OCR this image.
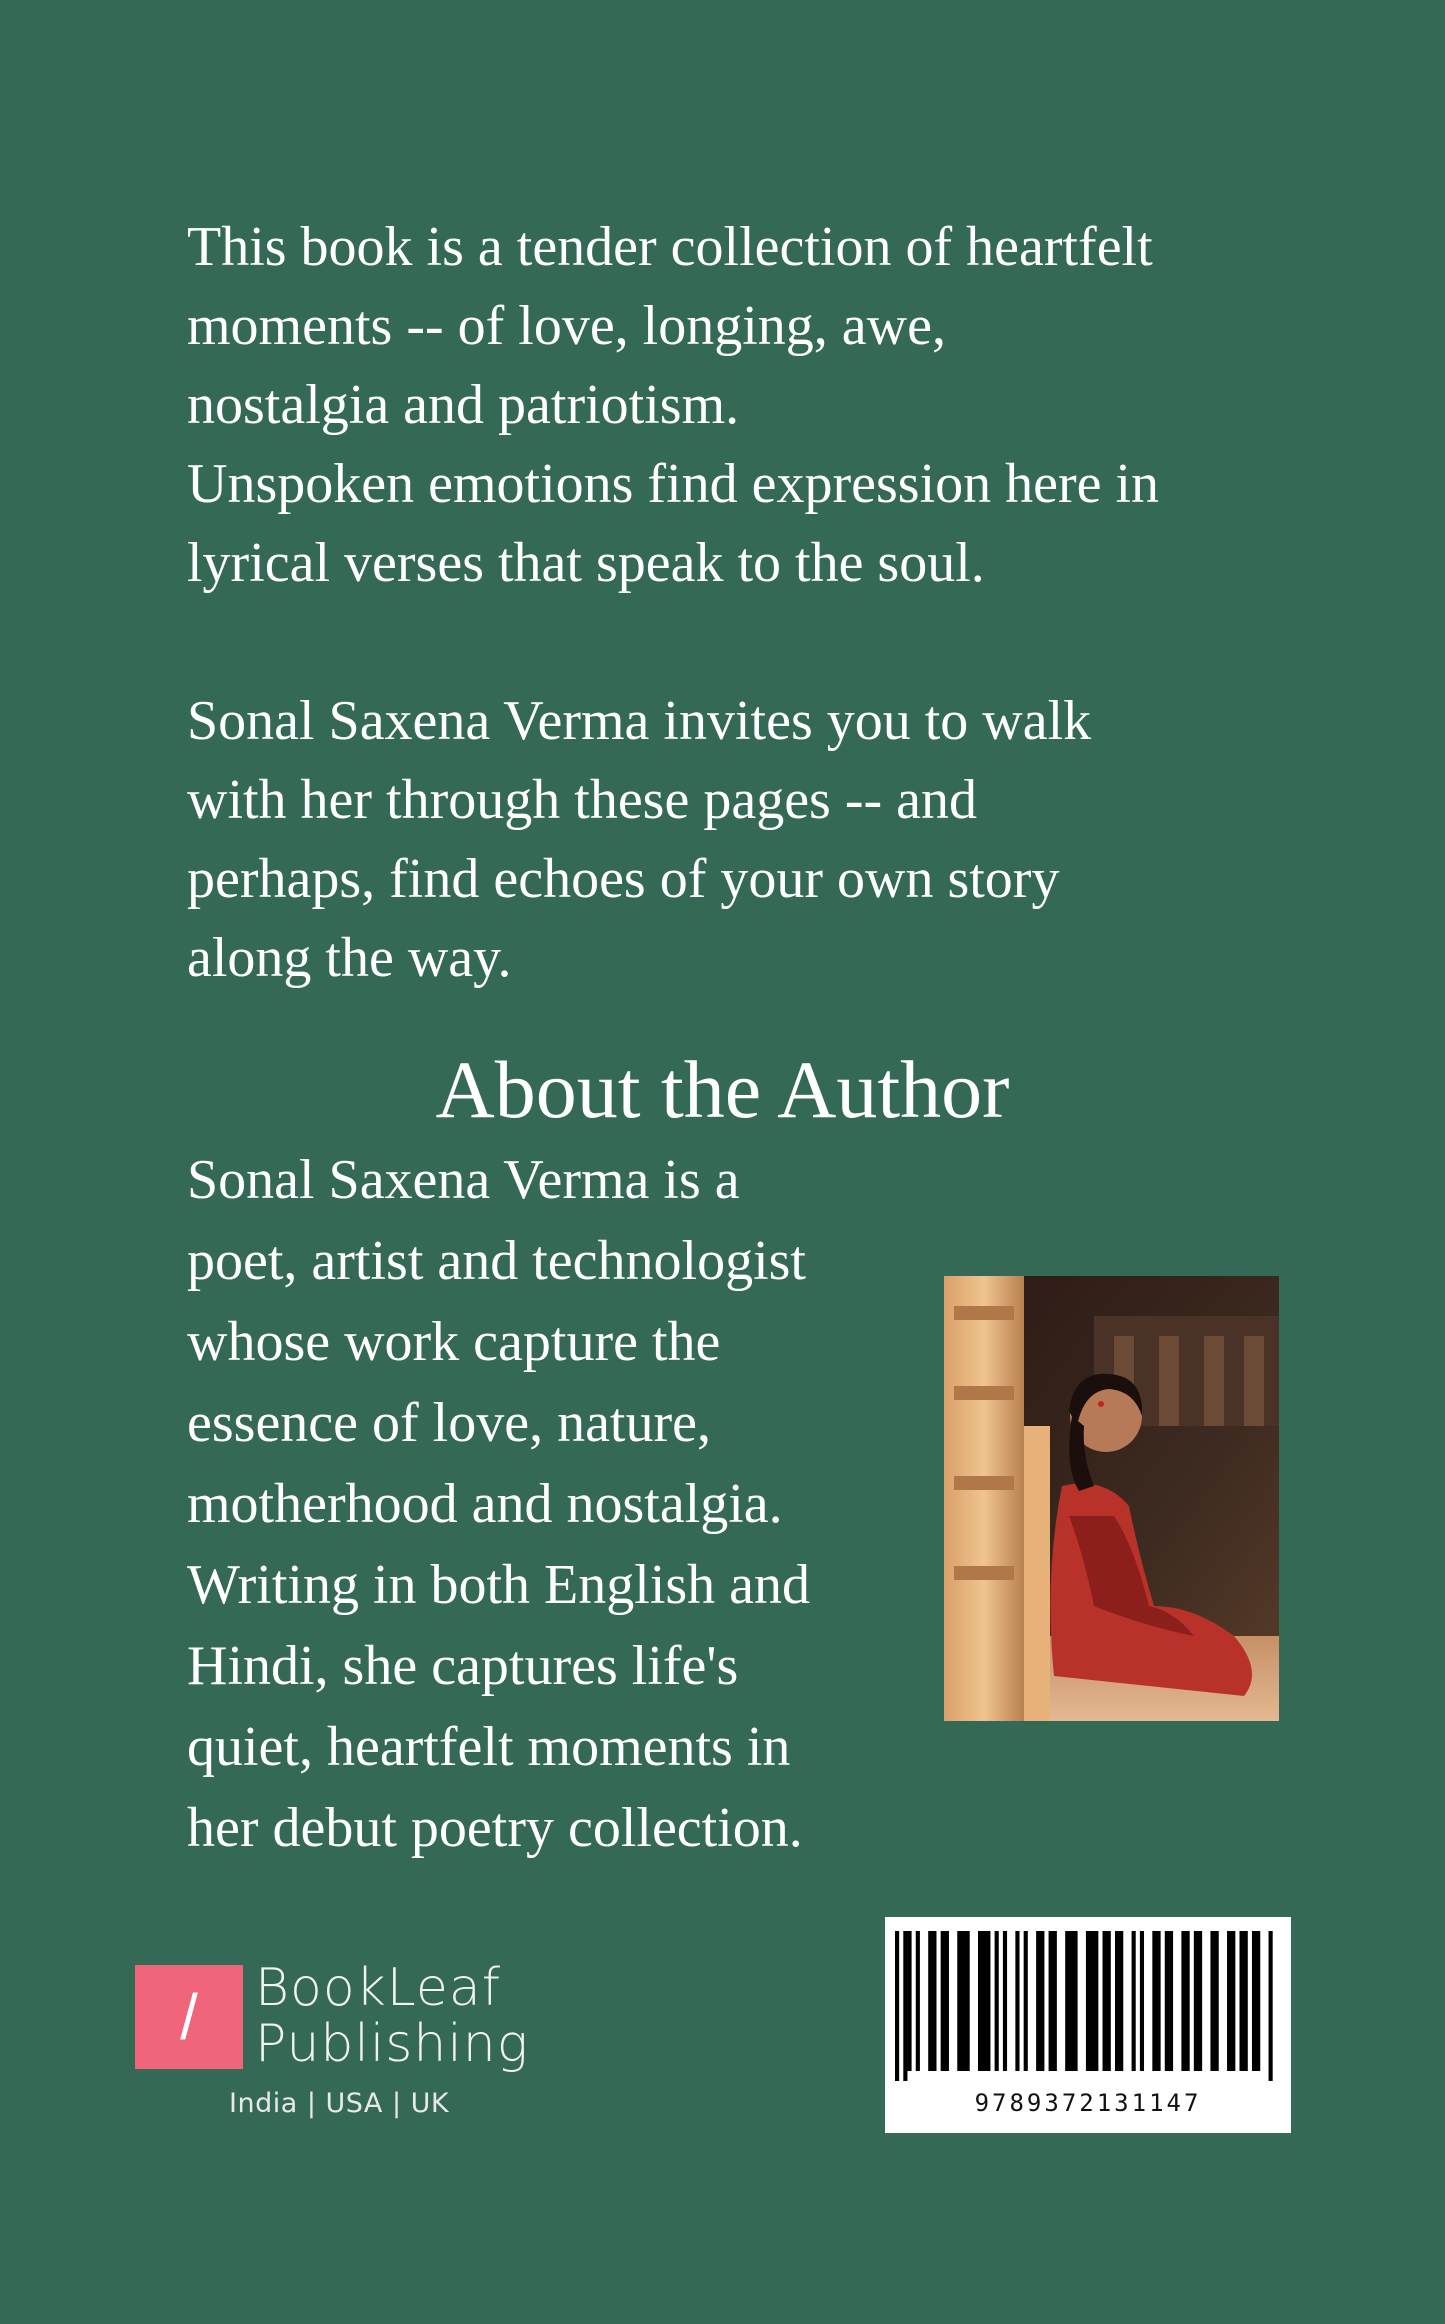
This book is a tender collection of heartfelt
moments -- of love, longing, awe,
nostalgia and patriotism.
Unspoken emotions find expression here in
lyrical verses that speak to the soul.

Sonal Saxena Verma invites you to walk
with her through these pages -- and
perhaps, find echoes of your own story
along the way.

About the Author

Sonal Saxena Verma is a
poet, artist and technologist
whose work capture the
essence of love, nature,
motherhood and nostalgia.
Writing in both English and
Hindi, she captures life's
quiet, heartfelt moments in
her debut poetry collection.

/	BookLeaf
Publishing
India | USA | UK	9789372131147
